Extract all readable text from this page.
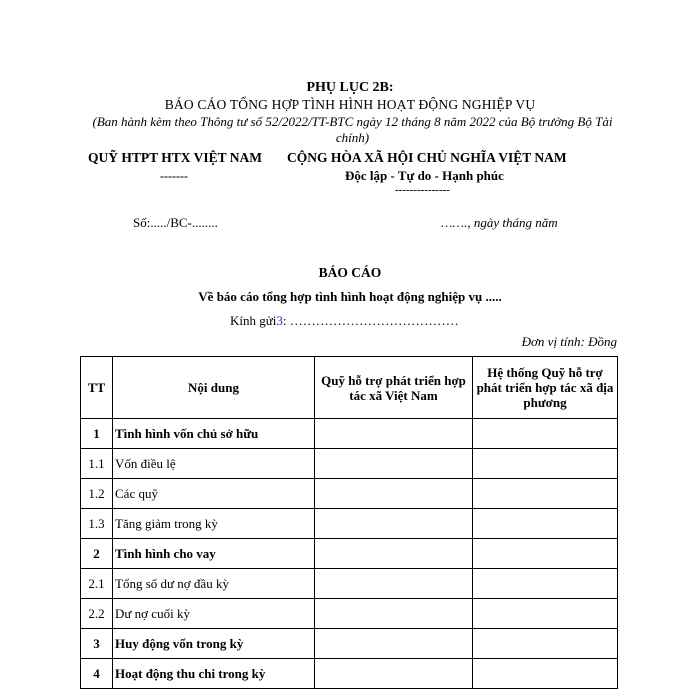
PHỤ LỤC 2B:
BÁO CÁO TỔNG HỢP TÌNH HÌNH HOẠT ĐỘNG NGHIỆP VỤ
(Ban hành kèm theo Thông tư số 52/2022/TT-BTC ngày 12 tháng 8 năm 2022 của Bộ trưởng Bộ Tài chính)
QUỸ HTPT HTX VIỆT NAM
-------
CỘNG HÒA XÃ HỘI CHỦ NGHĨA VIỆT NAM
Độc lập - Tự do - Hạnh phúc
---------------
Số:...../BC-........	……., ngày tháng năm
BÁO CÁO
Về báo cáo tổng hợp tình hình hoạt động nghiệp vụ .....
Kính gửi3: …………………………………
Đơn vị tính: Đồng
TT	Nội dung	Quỹ hỗ trợ phát triển hợp tác xã Việt Nam	Hệ thống Quỹ hỗ trợ phát triển hợp tác xã địa phương
1	Tình hình vốn chủ sở hữu		
1.1	Vốn điều lệ		
1.2	Các quỹ		
1.3	Tăng giảm trong kỳ		
2	Tình hình cho vay		
2.1	Tổng số dư nợ đầu kỳ		
2.2	Dư nợ cuối kỳ		
3	Huy động vốn trong kỳ		
4	Hoạt động thu chi trong kỳ		
